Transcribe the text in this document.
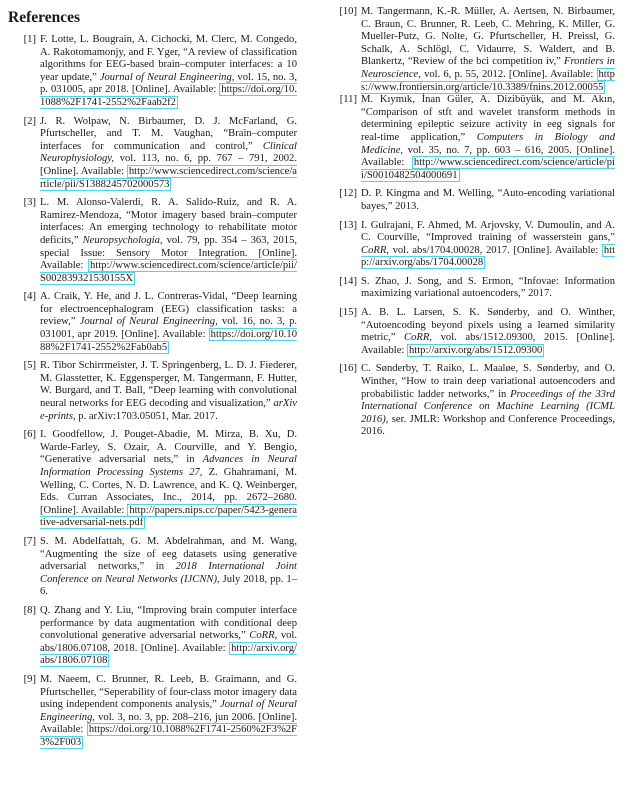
References
[1] F. Lotte, L. Bougrain, A. Cichocki, M. Clerc, M. Congedo, A. Rakotomamonjy, and F. Yger, “A review of classification algorithms for EEG-based brain–computer interfaces: a 10 year update,” Journal of Neural Engineering, vol. 15, no. 3, p. 031005, apr 2018. [Online]. Available: https://doi.org/10.1088%2F1741-2552%2Faab2f2
[2] J. R. Wolpaw, N. Birbaumer, D. J. McFarland, G. Pfurtscheller, and T. M. Vaughan, “Brain–computer interfaces for communication and control,” Clinical Neurophysiology, vol. 113, no. 6, pp. 767 – 791, 2002. [Online]. Available: http://www.sciencedirect.com/science/article/pii/S1388245702000573
[3] L. M. Alonso-Valerdi, R. A. Salido-Ruiz, and R. A. Ramirez-Mendoza, “Motor imagery based brain–computer interfaces: An emerging technology to rehabilitate motor deficits,” Neuropsychologia, vol. 79, pp. 354 – 363, 2015, special Issue: Sensory Motor Integration. [Online]. Available: http://www.sciencedirect.com/science/article/pii/S002839321530155X
[4] A. Craik, Y. He, and J. L. Contreras-Vidal, “Deep learning for electroencephalogram (EEG) classification tasks: a review,” Journal of Neural Engineering, vol. 16, no. 3, p. 031001, apr 2019. [Online]. Available: https://doi.org/10.1088%2F1741-2552%2Fab0ab5
[5] R. Tibor Schirrmeister, J. T. Springenberg, L. D. J. Fiederer, M. Glasstetter, K. Eggensperger, M. Tangermann, F. Hutter, W. Burgard, and T. Ball, “Deep learning with convolutional neural networks for EEG decoding and visualization,” arXiv e-prints, p. arXiv:1703.05051, Mar. 2017.
[6] I. Goodfellow, J. Pouget-Abadie, M. Mirza, B. Xu, D. Warde-Farley, S. Ozair, A. Courville, and Y. Bengio, “Generative adversarial nets,” in Advances in Neural Information Processing Systems 27, Z. Ghahramani, M. Welling, C. Cortes, N. D. Lawrence, and K. Q. Weinberger, Eds. Curran Associates, Inc., 2014, pp. 2672–2680. [Online]. Available: http://papers.nips.cc/paper/5423-generative-adversarial-nets.pdf
[7] S. M. Abdelfattah, G. M. Abdelrahman, and M. Wang, “Augmenting the size of eeg datasets using generative adversarial networks,” in 2018 International Joint Conference on Neural Networks (IJCNN), July 2018, pp. 1–6.
[8] Q. Zhang and Y. Liu, “Improving brain computer interface performance by data augmentation with conditional deep convolutional generative adversarial networks,” CoRR, vol. abs/1806.07108, 2018. [Online]. Available: http://arxiv.org/abs/1806.07108
[9] M. Naeem, C. Brunner, R. Leeb, B. Graimann, and G. Pfurtscheller, “Seperability of four-class motor imagery data using independent components analysis,” Journal of Neural Engineering, vol. 3, no. 3, pp. 208–216, jun 2006. [Online]. Available: https://doi.org/10.1088%2F1741-2560%2F3%2F3%2F003
[10] M. Tangermann, K.-R. Müller, A. Aertsen, N. Birbaumer, C. Braun, C. Brunner, R. Leeb, C. Mehring, K. Miller, G. Mueller-Putz, G. Nolte, G. Pfurtscheller, H. Preissl, G. Schalk, A. Schlögl, C. Vidaurre, S. Waldert, and B. Blankertz, “Review of the bci competition iv,” Frontiers in Neuroscience, vol. 6, p. 55, 2012. [Online]. Available: https://www.frontiersin.org/article/10.3389/fnins.2012.00055
[11] M. Kıymık, İnan Güler, A. Dizibüyük, and M. Akın, “Comparison of stft and wavelet transform methods in determining epileptic seizure activity in eeg signals for real-time application,” Computers in Biology and Medicine, vol. 35, no. 7, pp. 603 – 616, 2005. [Online]. Available: http://www.sciencedirect.com/science/article/pii/S0010482504000691
[12] D. P. Kingma and M. Welling, “Auto-encoding variational bayes,” 2013.
[13] I. Gulrajani, F. Ahmed, M. Arjovsky, V. Dumoulin, and A. C. Courville, “Improved training of wasserstein gans,” CoRR, vol. abs/1704.00028, 2017. [Online]. Available: http://arxiv.org/abs/1704.00028
[14] S. Zhao, J. Song, and S. Ermon, “Infovae: Information maximizing variational autoencoders,” 2017.
[15] A. B. L. Larsen, S. K. Sønderby, and O. Winther, “Autoencoding beyond pixels using a learned similarity metric,” CoRR, vol. abs/1512.09300, 2015. [Online]. Available: http://arxiv.org/abs/1512.09300
[16] C. Sønderby, T. Raiko, L. Maaløe, S. Sønderby, and O. Winther, “How to train deep variational autoencoders and probabilistic ladder networks,” in Proceedings of the 33rd International Conference on Machine Learning (ICML 2016), ser. JMLR: Workshop and Conference Proceedings, 2016.
